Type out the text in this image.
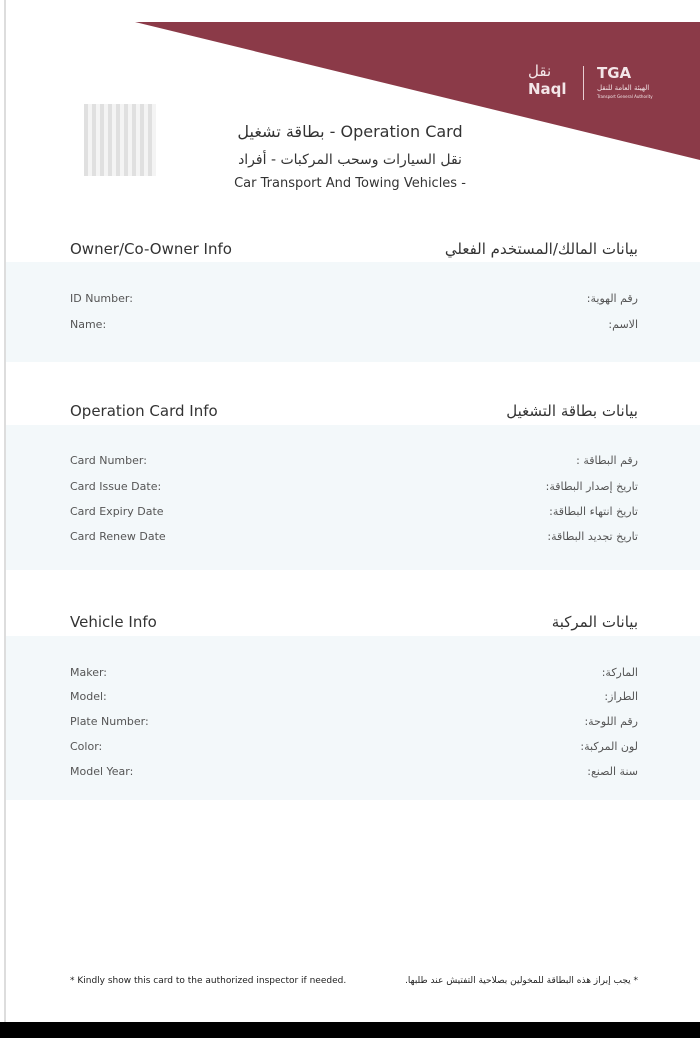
نقل
Naql
TGA
الهيئة العامة للنقل
Transport General Authority
بطاقة تشغيل - Operation Card
نقل السيارات وسحب المركبات - أفراد
Car Transport And Towing Vehicles -
Owner/Co-Owner Info	بيانات المالك/المستخدم الفعلي
ID Number:	رقم الهوية:
Name:	الاسم:
Operation Card Info	بيانات بطاقة التشغيل
Card Number:	رقم البطاقة :
Card Issue Date:	تاريخ إصدار البطاقة:
Card Expiry Date	تاريخ انتهاء البطاقة:
Card Renew Date	تاريخ تجديد البطاقة:
Vehicle Info	بيانات المركبة
Maker:	الماركة:
Model:	الطراز:
Plate Number:	رقم اللوحة:
Color:	لون المركبة:
Model Year:	سنة الصنع:
* Kindly show this card to the authorized inspector if needed.	* يجب إبراز هذه البطاقة للمخولين بصلاحية التفتيش عند طلبها.
